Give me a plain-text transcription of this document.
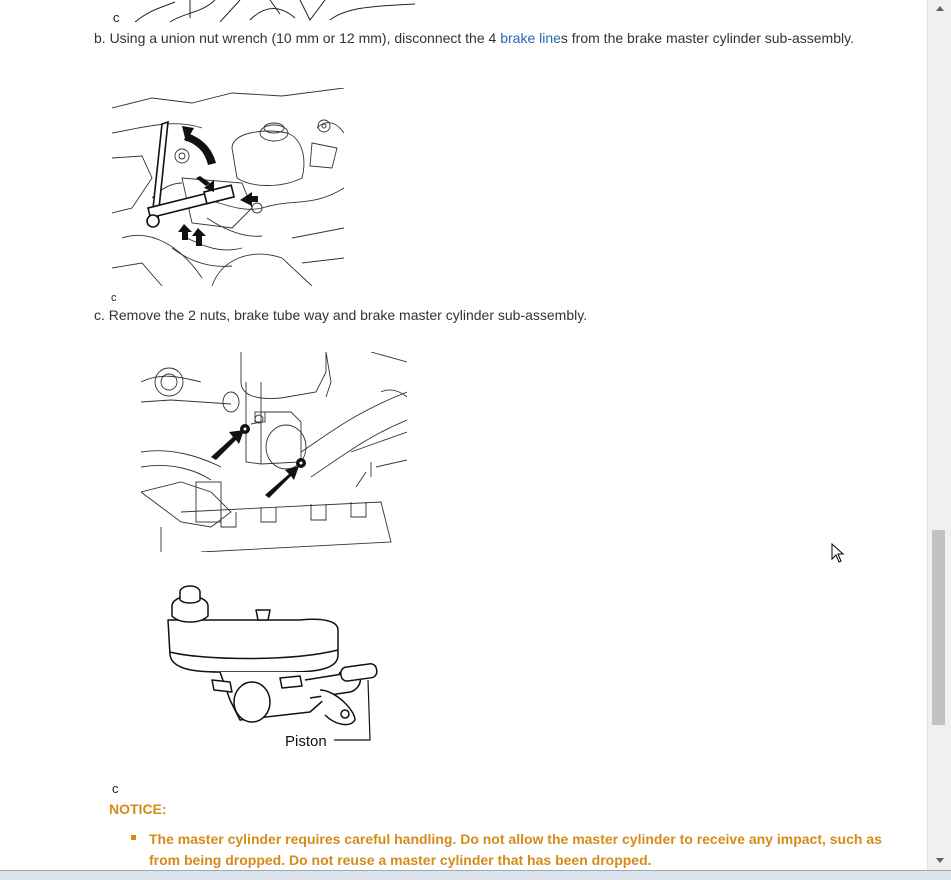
c
b. Using a union nut wrench (10 mm or 12 mm), disconnect the 4 brake lines from the brake master cylinder sub-assembly.
c
c. Remove the 2 nuts, brake tube way and brake master cylinder sub-assembly.
Piston
c
NOTICE:
The master cylinder requires careful handling. Do not allow the master cylinder to receive any impact, such as from being dropped. Do not reuse a master cylinder that has been dropped.
